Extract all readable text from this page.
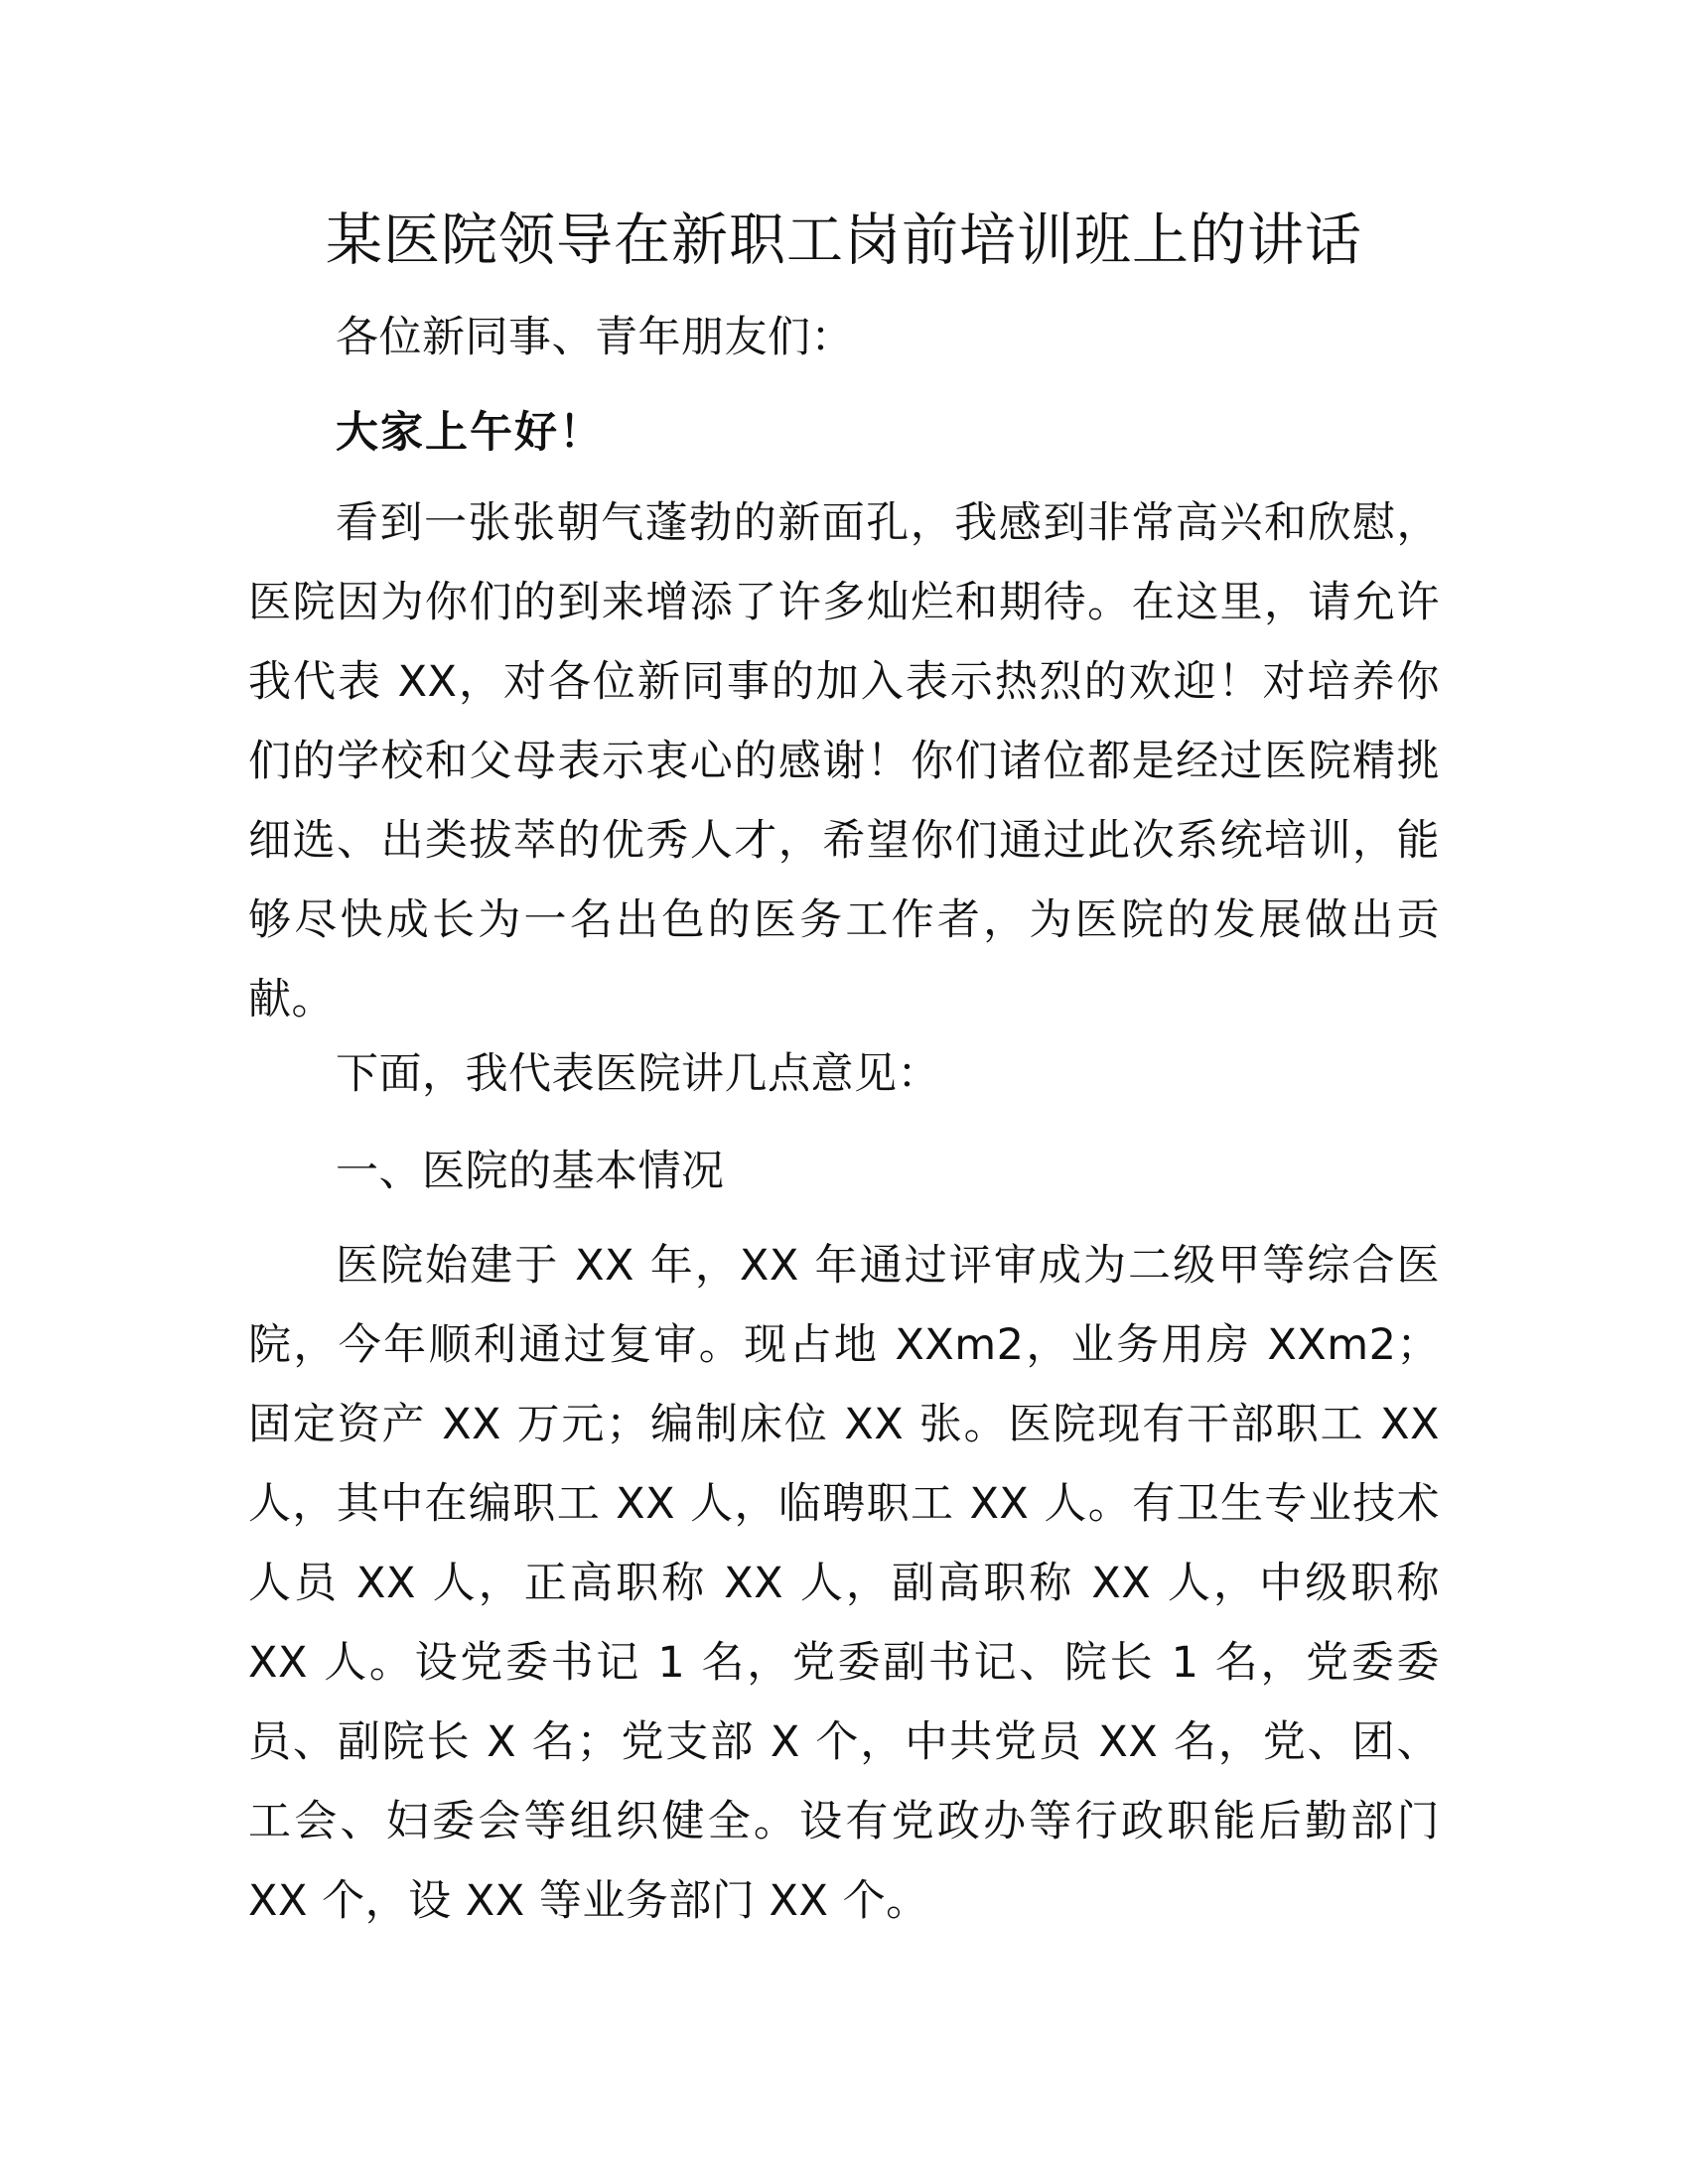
某医院领导在新职工岗前培训班上的讲话

各位新同事、青年朋友们：

大家上午好！

看到一张张朝气蓬勃的新面孔，我感到非常高兴和欣慰，医院因为你们的到来增添了许多灿烂和期待。在这里，请允许我代表 XX，对各位新同事的加入表示热烈的欢迎！对培养你们的学校和父母表示衷心的感谢！你们诸位都是经过医院精挑细选、出类拔萃的优秀人才，希望你们通过此次系统培训，能够尽快成长为一名出色的医务工作者，为医院的发展做出贡献。

下面，我代表医院讲几点意见：

一、医院的基本情况

医院始建于 XX 年，XX 年通过评审成为二级甲等综合医院，今年顺利通过复审。现占地 XXm2，业务用房 XXm2；固定资产 XX 万元；编制床位 XX 张。医院现有干部职工 XX 人，其中在编职工 XX 人，临聘职工 XX 人。有卫生专业技术人员 XX 人，正高职称 XX 人，副高职称 XX 人，中级职称 XX 人。设党委书记 1 名，党委副书记、院长 1 名，党委委员、副院长 X 名；党支部 X 个，中共党员 XX 名，党、团、工会、妇委会等组织健全。设有党政办等行政职能后勤部门 XX 个，设 XX 等业务部门 XX 个。
